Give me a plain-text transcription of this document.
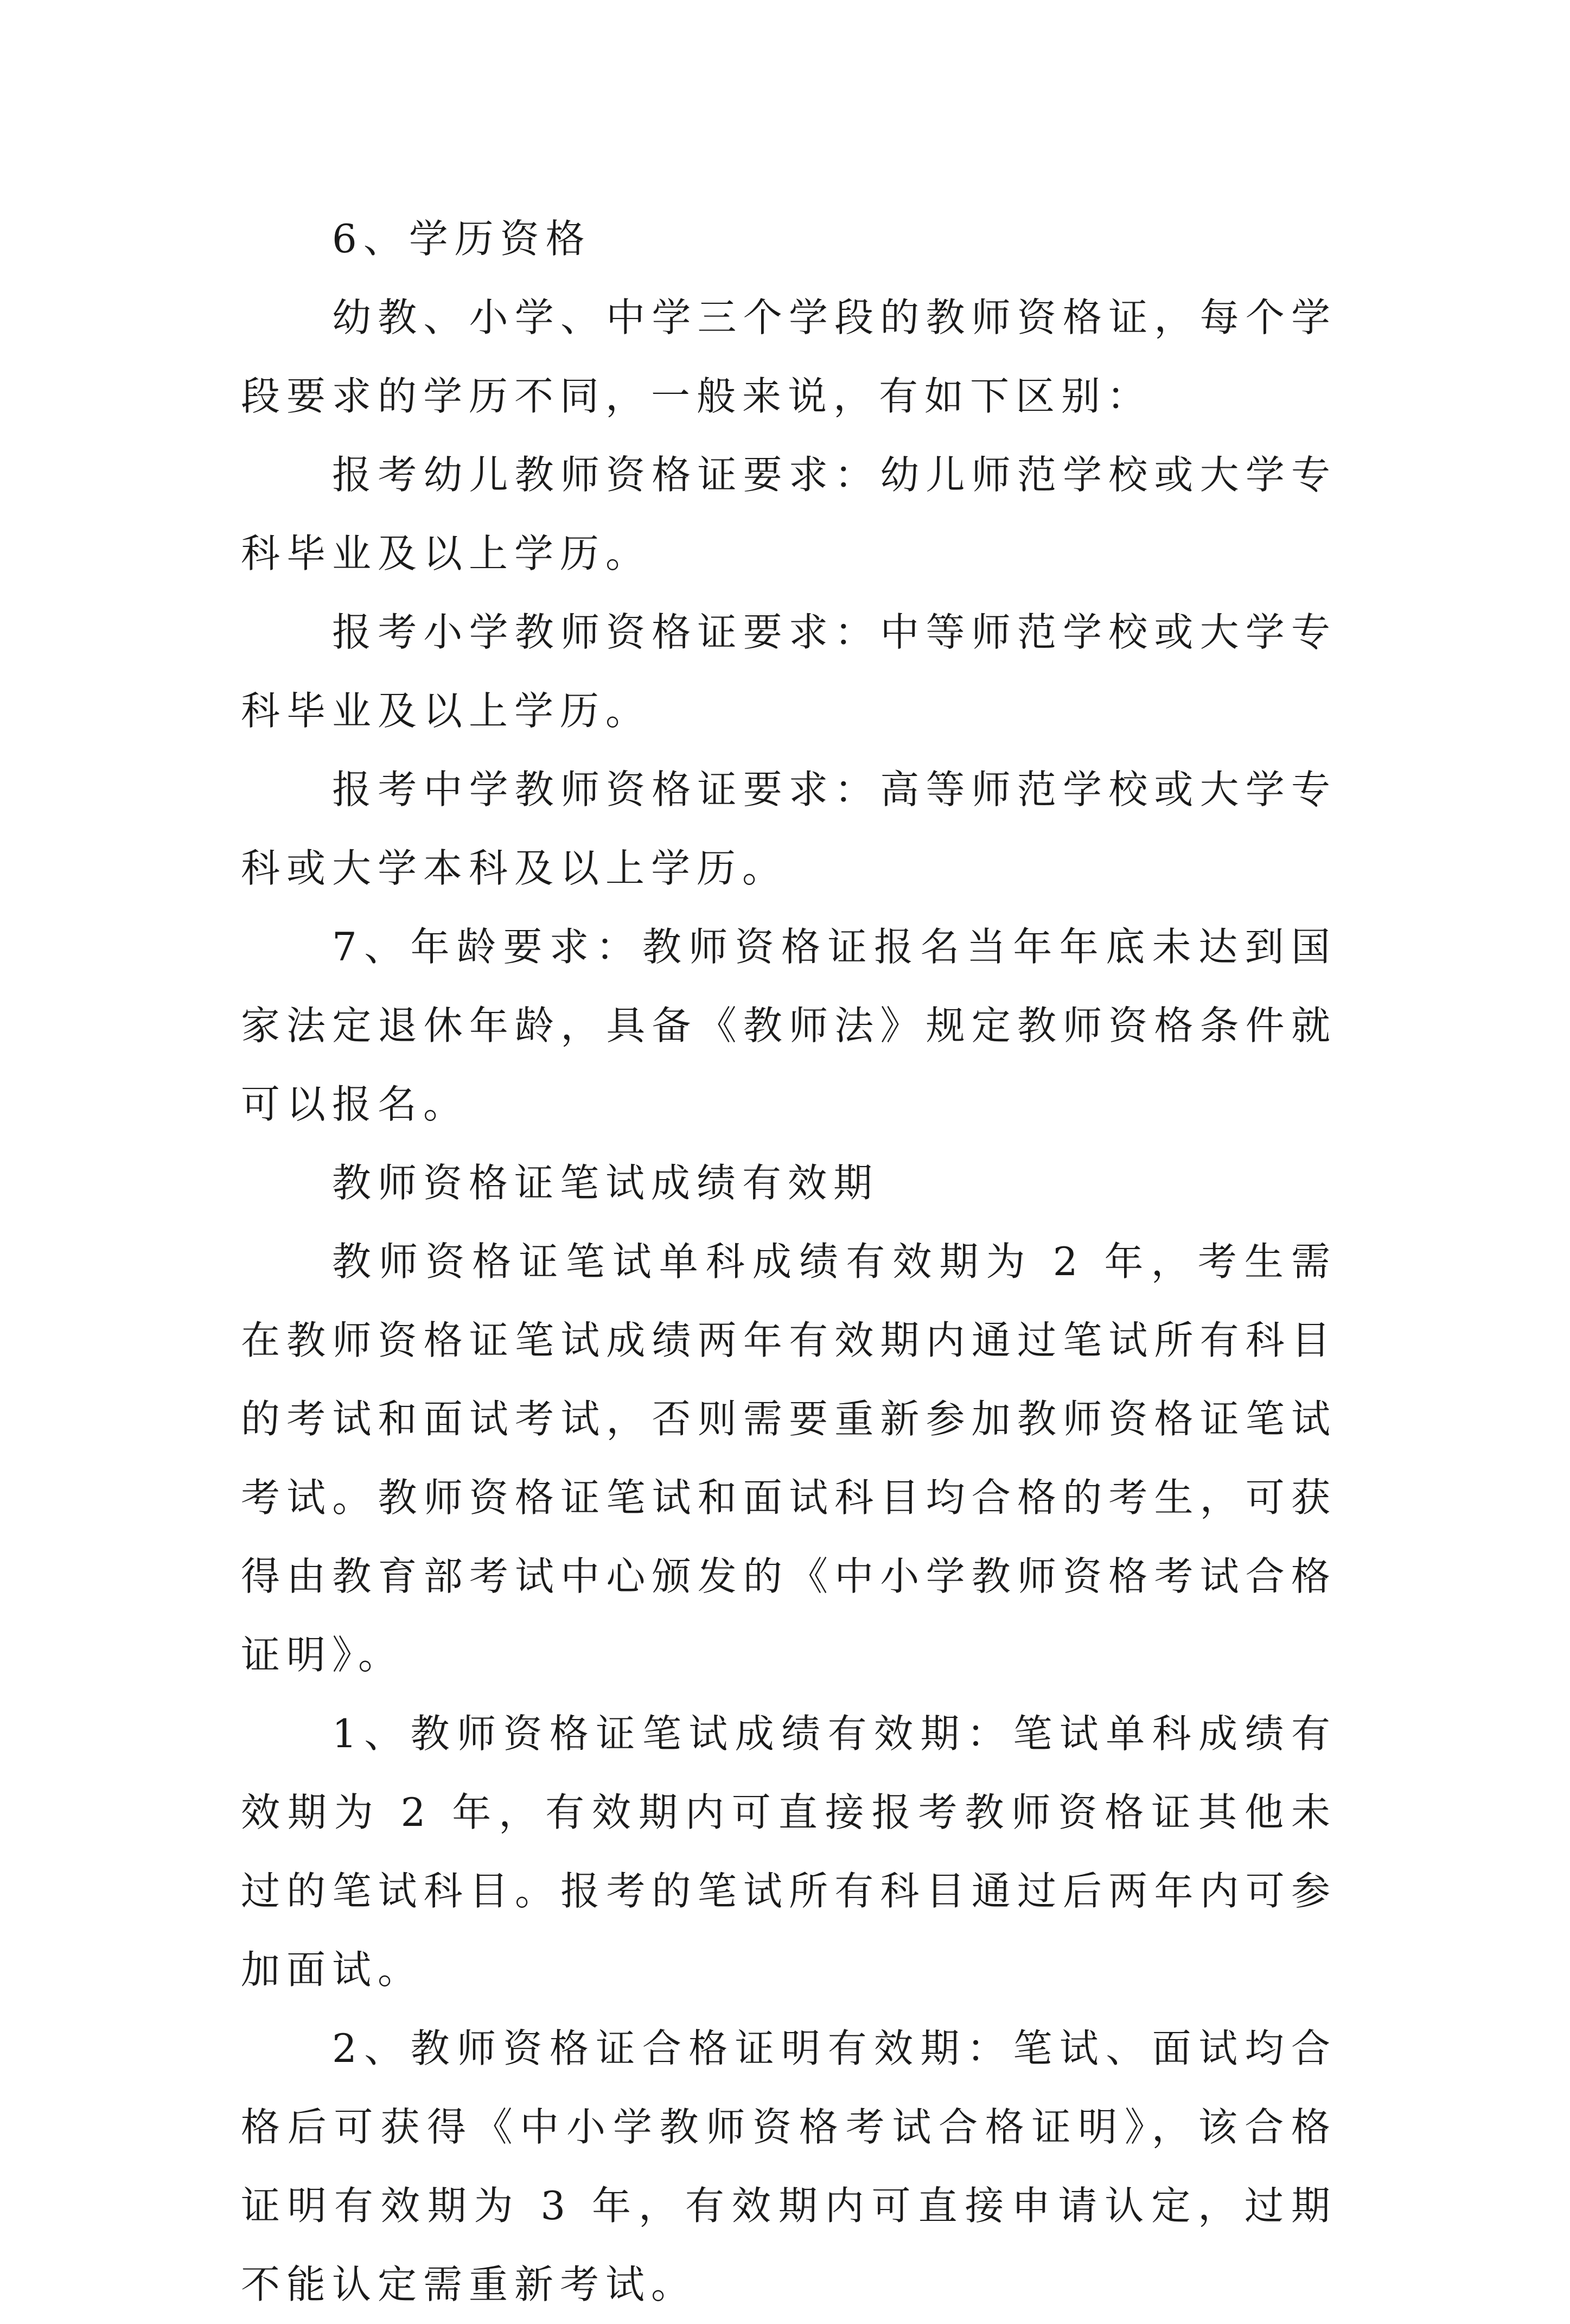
6、学历资格

幼教、小学、中学三个学段的教师资格证，每个学段要求的学历不同，一般来说，有如下区别：

报考幼儿教师资格证要求：幼儿师范学校或大学专科毕业及以上学历。

报考小学教师资格证要求：中等师范学校或大学专科毕业及以上学历。

报考中学教师资格证要求：高等师范学校或大学专科或大学本科及以上学历。

7、年龄要求：教师资格证报名当年年底未达到国家法定退休年龄，具备《教师法》规定教师资格条件就可以报名。

教师资格证笔试成绩有效期

教师资格证笔试单科成绩有效期为 2 年，考生需在教师资格证笔试成绩两年有效期内通过笔试所有科目的考试和面试考试，否则需要重新参加教师资格证笔试考试。教师资格证笔试和面试科目均合格的考生，可获得由教育部考试中心颁发的《中小学教师资格考试合格证明》。

1、教师资格证笔试成绩有效期：笔试单科成绩有效期为 2 年，有效期内可直接报考教师资格证其他未过的笔试科目。报考的笔试所有科目通过后两年内可参加面试。

2、教师资格证合格证明有效期：笔试、面试均合格后可获得《中小学教师资格考试合格证明》，该合格证明有效期为 3 年，有效期内可直接申请认定，过期不能认定需重新考试。
